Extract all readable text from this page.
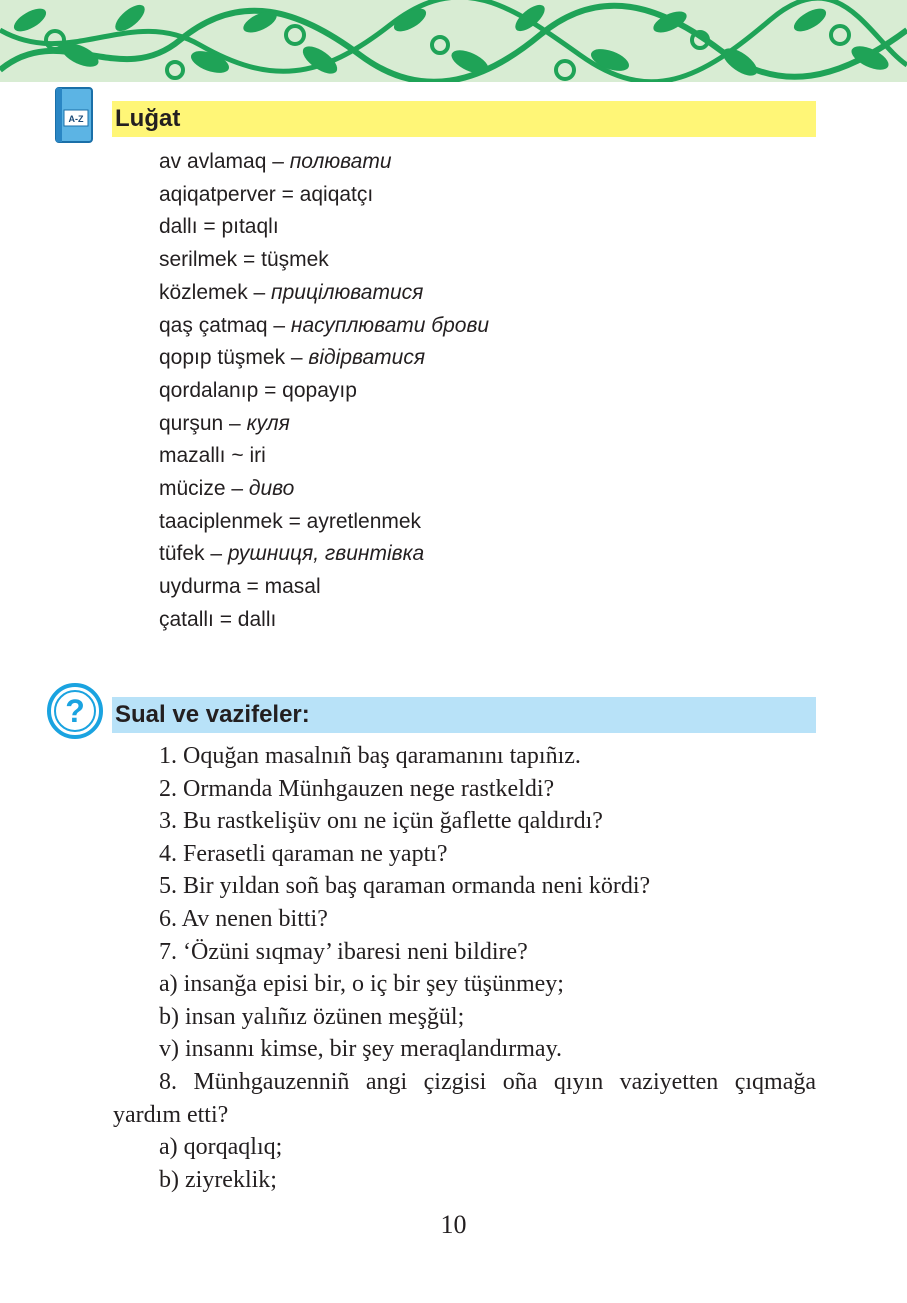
A-Z Luğat
av avlamaq – полювати
aqiqatperver = aqiqatçı
dallı = pıtaqlı
serilmek = tüşmek
közlemek – прицілюватися
qaş çatmaq – насуплювати брови
qopıp tüşmek – відірватися
qordalanıp = qopayıp
qurşun – куля
mazallı ~ iri
mücize – диво
taaciplenmek = ayretlenmek
tüfek – рушниця, гвинтівка
uydurma = masal
çatallı = dallı
? Sual ve vazifeler:

1. Oquğan masalnıñ baş qaramanını tapıñız.

2. Ormanda Münhgauzen nege rastkeldi?

3. Bu rastkelişüv onı ne içün ğaflette qaldırdı?

4. Ferasetli qaraman ne yaptı?

5. Bir yıldan soñ baş qaraman ormanda neni kördi?

6. Av nenen bitti?

7. ‘Özüni sıqmay’ ibaresi neni bildire?

a) insanğa episi bir, o iç bir şey tüşünmey;

b) insan yalıñız özünen meşğül;

v) insannı kimse, bir şey meraqlandırmay.

8. Münhgauzenniñ angi çizgisi oña qıyın vaziyetten çıqmağa yardım etti?

a) qorqaqlıq;

b) ziyreklik;

10
